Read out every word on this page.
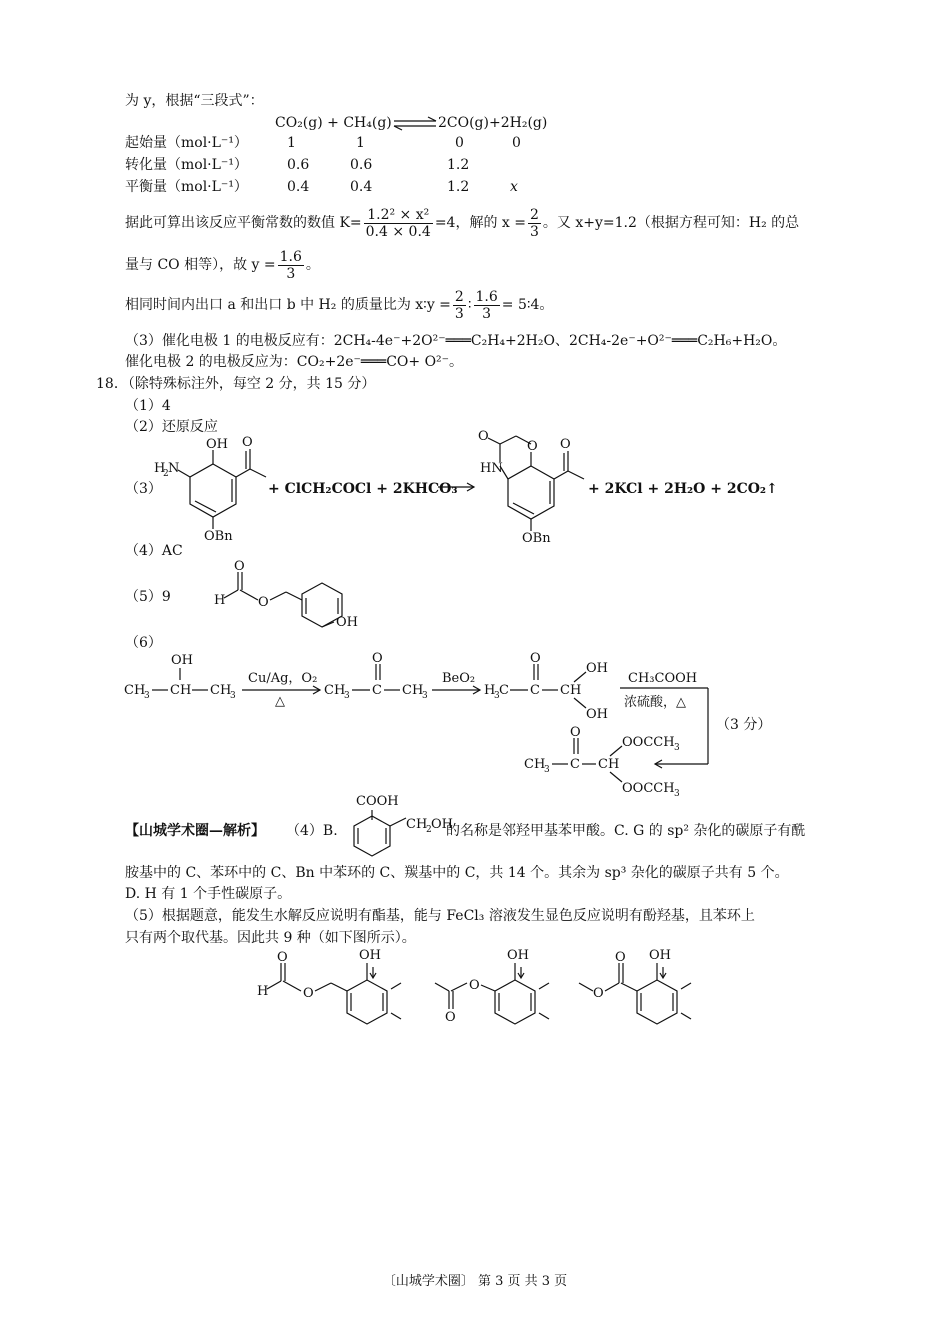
为 y，根据“三段式”：
CO₂(g) + CH₄(g) ⇌ 2CO(g)+2H₂(g)
起始量（mol·L⁻¹）	1	1	0	0
转化量（mol·L⁻¹）	0.6	0.6	1.2
平衡量（mol·L⁻¹）	0.4	0.4	1.2	x
据此可算出该反应平衡常数的数值 $K= \frac{\text{1.2² × x²}}{0.4 \times 0.4} =4$，解的 $x = \frac{2}{3}$ 。又 x+y=1.2（根据方程可知：H₂ 的总
量与 CO 相等），故 $y = \frac{1.6}{3}$ 。
相同时间内出口 a 和出口 b 中 H₂ 的质量比为 x∶y = $\frac{2}{3}$ ∶ $\frac{1.6}{3}$ = 5∶4。
（3）催化电极 1 的电极反应有：2CH₄-4e⁻+2O²⁻═══C₂H₄+2H₂O、2CH₄-2e⁻+O²⁻═══C₂H₆+H₂O。
催化电极 2 的电极反应为：CO₂+2e⁻═══CO+ O²⁻。
18．（除特殊标注外，每空 2 分，共 15 分）
（1）4
（2）还原反应
（3）
OH O
H
2 N
OBn
+ ClCH₂COCl + 2KHCO₃
O
O
HN
O
OBn
+ 2KCl + 2H₂O + 2CO₂↑
（4）AC
（5）9	H
O
O
OH
（6）
CH
3 CH
OH
CH
3
Cu/Ag，O₂
△
CH
3 C
O
CH
3
BeO₂
H
3 C C
O
CH
OH
OH
CH₃COOH
浓硫酸，△
CH
3 C
O
CH
OOCCH 3
OOCCH 3
（3 分）
【山城学术圈—解析】 （4）B.
COOH
CH
2 OH
的名称是邻羟甲基苯甲酸。C. G 的 sp² 杂化的碳原子有酰
胺基中的 C、苯环中的 C、Bn 中苯环的 C、羰基中的 C，共 14 个。其余为 sp³ 杂化的碳原子共有 5 个。
D. H 有 1 个手性碳原子。
（5）根据题意，能发生水解反应说明有酯基，能与 FeCl₃ 溶液发生显色反应说明有酚羟基，且苯环上
只有两个取代基。因此共 9 种（如下图所示）。
H
O
O
OH
O
O
OH
O
O OH
〔山城学术圈〕 第 3 页 共 3 页
